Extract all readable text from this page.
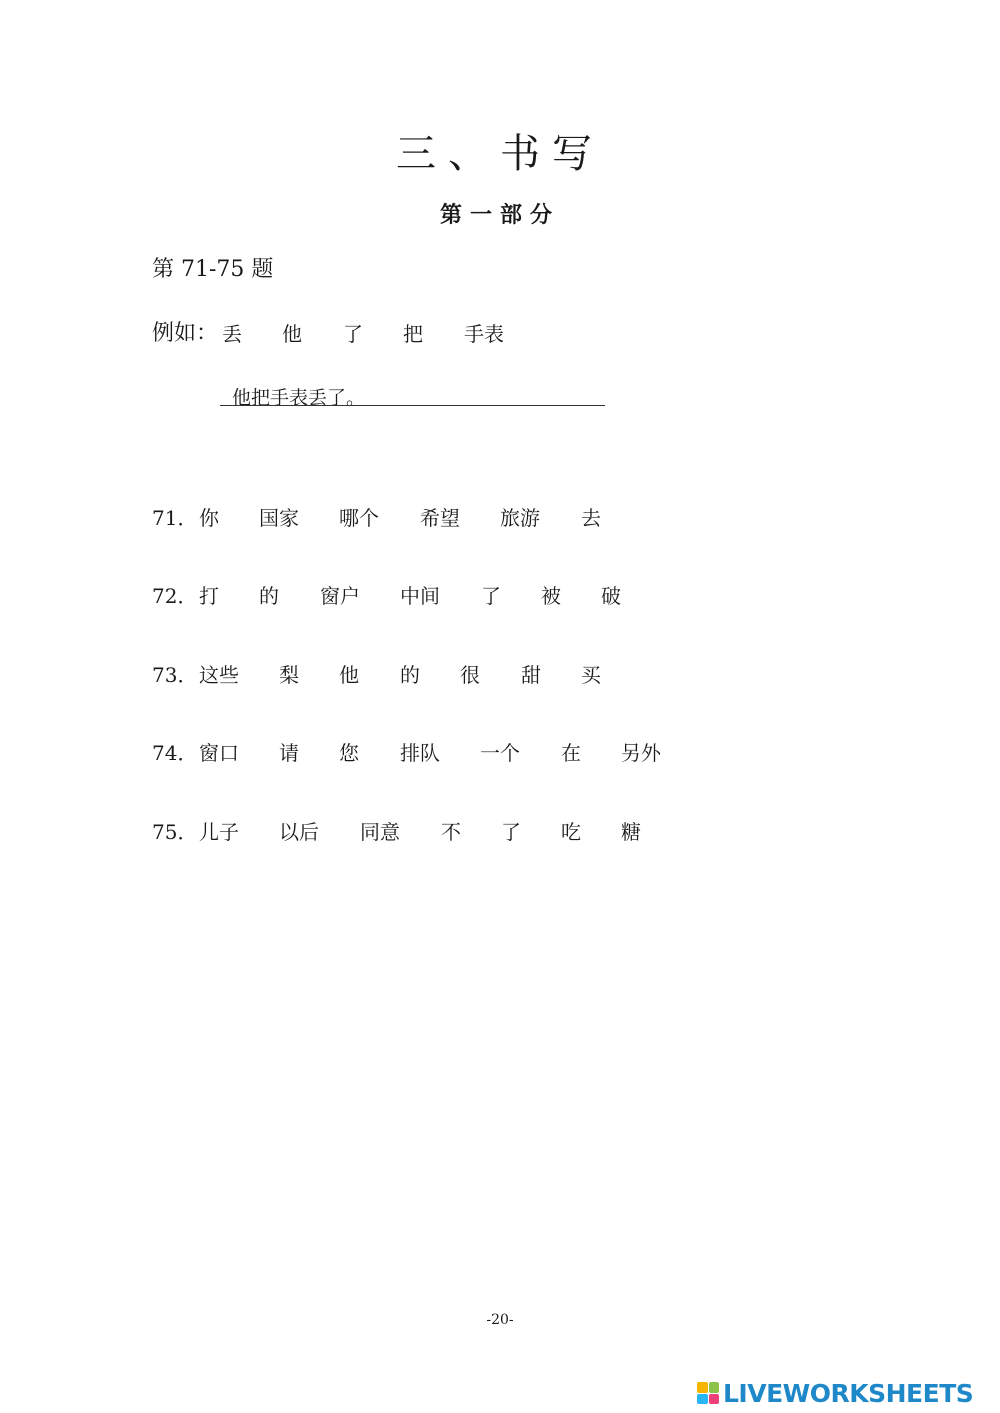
三、书写
第一部分
第 71-75 题
例如： 丢 他 了 把 手表
他把手表丢了。
71． 你 国家 哪个 希望 旅游 去
72． 打 的 窗户 中间 了 被 破
73． 这些 梨 他 的 很 甜 买
74． 窗口 请 您 排队 一个 在 另外
75． 儿子 以后 同意 不 了 吃 糖
-20-
LIVEWORKSHEETS
